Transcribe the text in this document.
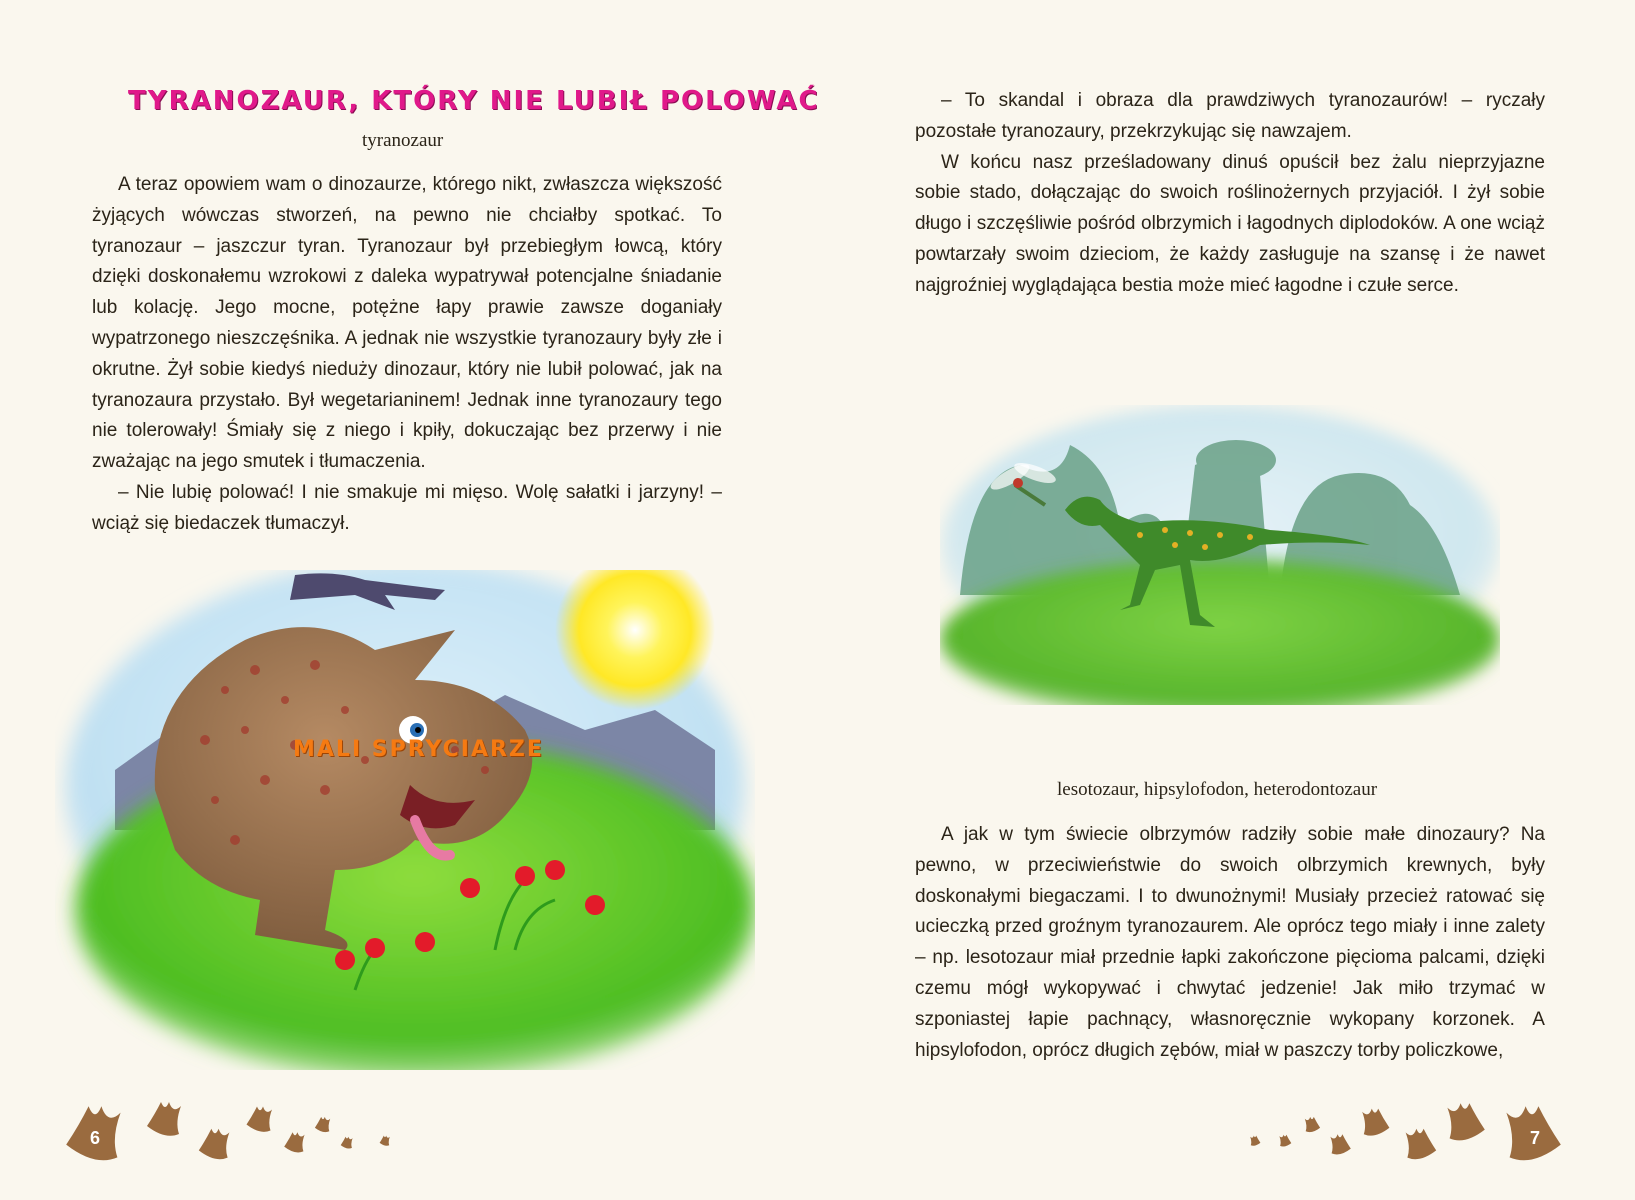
TYRANOZAUR, KTÓRY NIE LUBIŁ POLOWAĆ
tyranozaur

A teraz opowiem wam o dinozaurze, którego nikt, zwłaszcza większość żyjących wówczas stworzeń, na pewno nie chciałby spotkać. To tyranozaur – jaszczur tyran. Tyranozaur był przebiegłym łowcą, który dzięki doskonałemu wzrokowi z daleka wypatrywał potencjalne śniadanie lub kolację. Jego mocne, potężne łapy prawie zawsze doganiały wypatrzonego nieszczęśnika. A jednak nie wszystkie tyranozaury były złe i okrutne. Żył sobie kiedyś nieduży dinozaur, który nie lubił polować, jak na tyranozaura przystało. Był wegetarianinem! Jednak inne tyranozaury tego nie tolerowały! Śmiały się z niego i kpiły, dokuczając bez przerwy i nie zważając na jego smutek i tłumaczenia.

– Nie lubię polować! I nie smakuje mi mięso. Wolę sałatki i jarzyny! – wciąż się biedaczek tłumaczył.

6

– To skandal i obraza dla prawdziwych tyranozaurów! – ryczały pozostałe tyranozaury, przekrzykując się nawzajem.

W końcu nasz prześladowany dinuś opuścił bez żalu nieprzyjazne sobie stado, dołączając do swoich roślinożernych przyjaciół. I żył sobie długo i szczęśliwie pośród olbrzymich i łagodnych diplodoków. A one wciąż powtarzały swoim dzieciom, że każdy zasługuje na szansę i że nawet najgroźniej wyglądająca bestia może mieć łagodne i czułe serce.

MALI SPRYCIARZE
lesotozaur, hipsylofodon, heterodontozaur

A jak w tym świecie olbrzymów radziły sobie małe dinozaury? Na pewno, w przeciwieństwie do swoich olbrzymich krewnych, były doskonałymi biegaczami. I to dwunożnymi! Musiały przecież ratować się ucieczką przed groźnym tyranozaurem. Ale oprócz tego miały i inne zalety – np. lesotozaur miał przednie łapki zakończone pięcioma palcami, dzięki czemu mógł wykopywać i chwytać jedzenie! Jak miło trzymać w szponiastej łapie pachnący, własnoręcznie wykopany korzonek. A hipsylofodon, oprócz długich zębów, miał w paszczy torby policzkowe,

7
